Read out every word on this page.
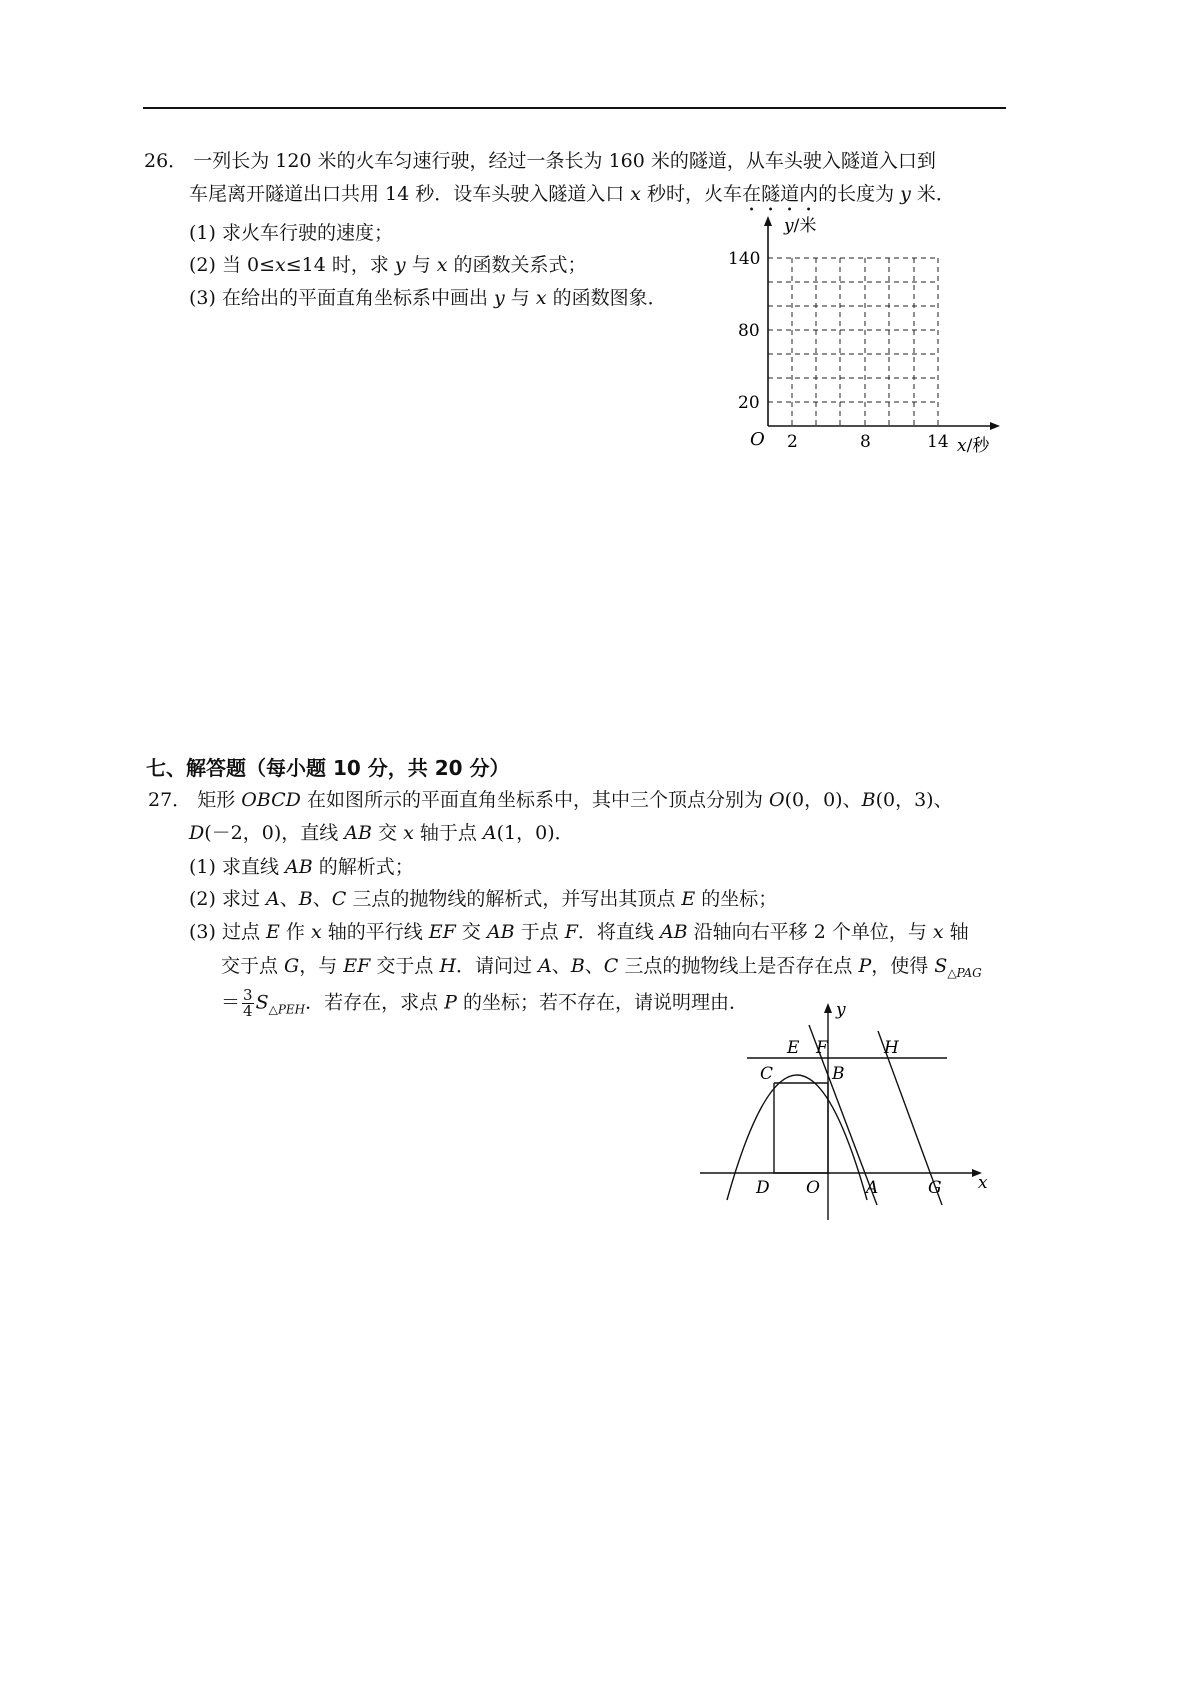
26． 一列长为 120 米的火车匀速行驶，经过一条长为 160 米的隧道，从车头驶入隧道入口到
车尾离开隧道出口共用 14 秒．设车头驶入隧道入口 x 秒时，火车在隧道内的长度为 y 米．
(1) 求火车行驶的速度；
(2) 当 0≤x≤14 时，求 y 与 x 的函数关系式；
(3) 在给出的平面直角坐标系中画出 y 与 x 的函数图象．
y/米
x/秒
O
140
80
20
2	8	14
七、解答题（每小题 10 分，共 20 分）
27． 矩形 OBCD 在如图所示的平面直角坐标系中，其中三个顶点分别为 O(0，0)、B(0，3)、
D(－2，0)，直线 AB 交 x 轴于点 A(1，0)．
(1) 求直线 AB 的解析式；
(2) 求过 A、B、C 三点的抛物线的解析式，并写出其顶点 E 的坐标；
(3) 过点 E 作 x 轴的平行线 EF 交 AB 于点 F．将直线 AB 沿轴向右平移 2 个单位，与 x 轴
交于点 G，与 EF 交于点 H．请问过 A、B、C 三点的抛物线上是否存在点 P，使得 $S_{\triangle PAG}$
＝ $\frac{3}{4} S_{\triangle PEH}$．若存在，求点 P 的坐标；若不存在，请说明理由．
E F	H
C	B
D O	A	G x
y
